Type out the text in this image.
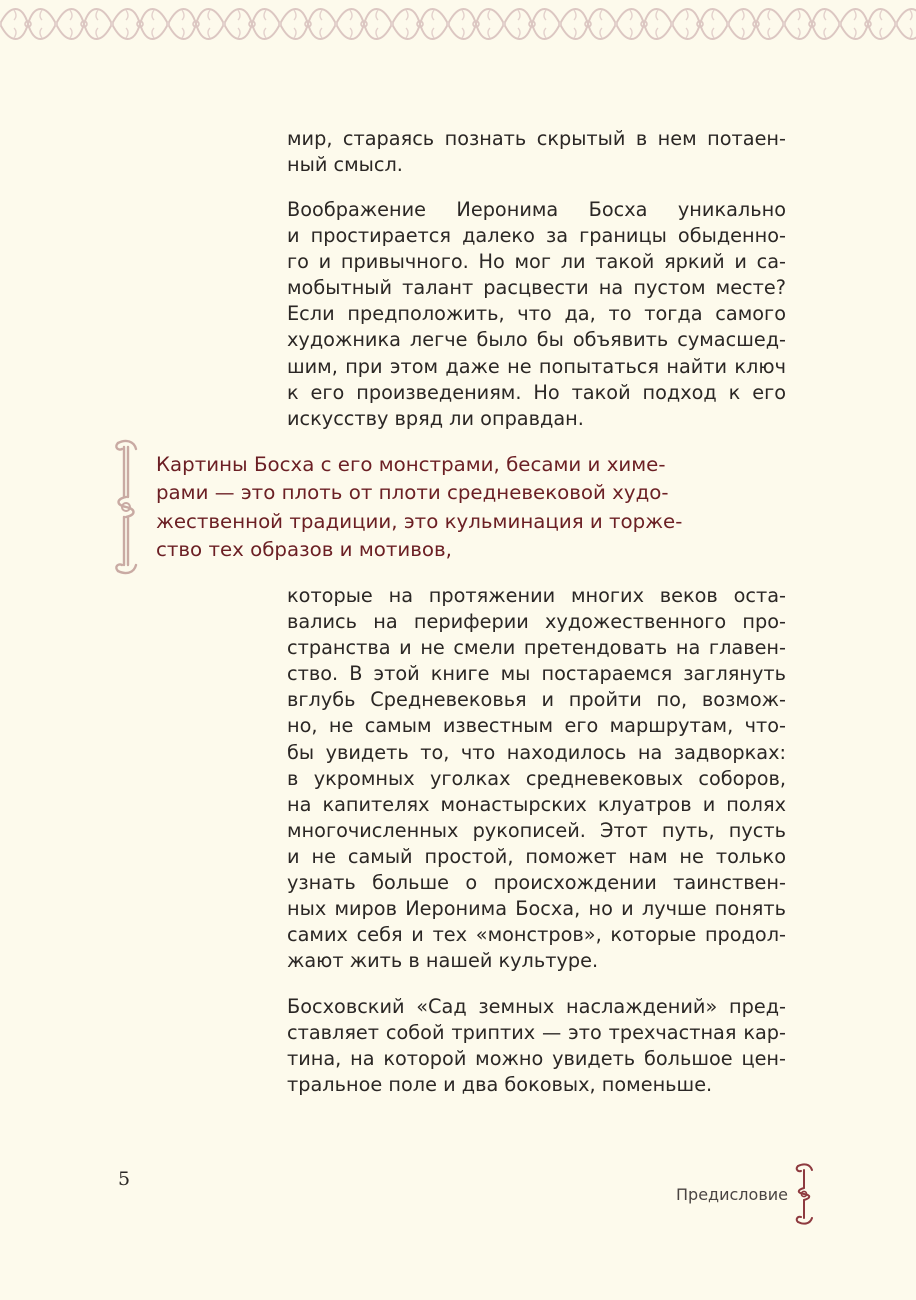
мир, стараясь познать скрытый в нем потаен-
ный смысл.
Воображение Иеронима Босха уникально
и простирается далеко за границы обыденно-
го и привычного. Но мог ли такой яркий и са-
мобытный талант расцвести на пустом месте?
Если предположить, что да, то тогда самого
художника легче было бы объявить сумасшед-
шим, при этом даже не попытаться найти ключ
к его произведениям. Но такой подход к его
искусству вряд ли оправдан.
Картины Босха с его монстрами, бесами и химе-
рами — это плоть от плоти средневековой худо-
жественной традиции, это кульминация и торже-
ство тех образов и мотивов,
которые на протяжении многих веков оста-
вались на периферии художественного про-
странства и не смели претендовать на главен-
ство. В этой книге мы постараемся заглянуть
вглубь Средневековья и пройти по, возмож-
но, не самым известным его маршрутам, что-
бы увидеть то, что находилось на задворках:
в укромных уголках средневековых соборов,
на капителях монастырских клуатров и полях
многочисленных рукописей. Этот путь, пусть
и не самый простой, поможет нам не только
узнать больше о происхождении таинствен-
ных миров Иеронима Босха, но и лучше понять
самих себя и тех «монстров», которые продол-
жают жить в нашей культуре.
Босховский «Сад земных наслаждений» пред-
ставляет собой триптих — это трехчастная кар-
тина, на которой можно увидеть большое цен-
тральное поле и два боковых, поменьше.
5
Предисловие
